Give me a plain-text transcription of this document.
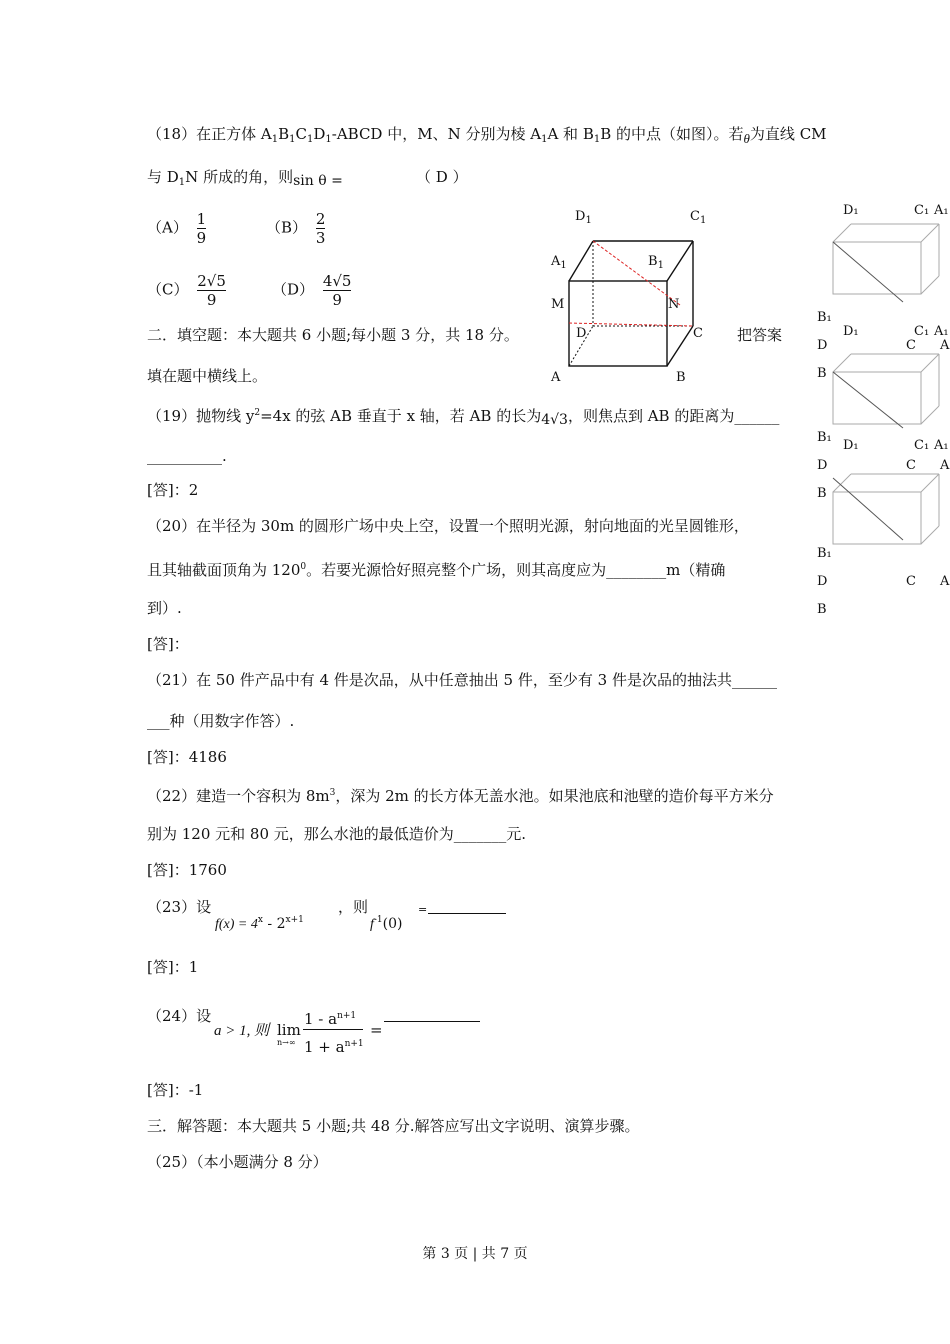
（18）在正方体 $A_1B_1C_1D_1$-ABCD 中，M、N 分别为棱 $A_1A$ 和 $B_1B$ 的中点（如图）。若θ为直线 CM
与 $D_1N$ 所成的角，则sin θ =	（ D ）
$(A) \frac{1}{9}$	$(B) \frac{2}{3}$
$(C) \frac{2√5}{9}$	$(D) \frac{4√5}{9}$
$D_1$	$C_1$
$A_1$	$B_1$
M	N
D	C
A	B
二．填空题：本大题共 6 小题;每小题 3 分，共 18 分。	把答案
填在题中横线上。
（19）抛物线 $y^2=4x$ 的弦 AB 垂直于 x 轴，若 AB 的长为4√3，则焦点到 AB 的距离为______
__________.
[答]：2
（20）在半径为 30m 的圆形广场中央上空，设置一个照明光源，射向地面的光呈圆锥形，
且其轴截面顶角为 $120^0$。若要光源恰好照亮整个广场，则其高度应为________m（精确
到）.
[答]：
（21）在 50 件产品中有 4 件是次品，从中任意抽出 5 件，至少有 3 件是次品的抽法共______
___种（用数字作答）.
[答]：4186
（22）建造一个容积为 $8m^3$，深为 2m 的长方体无盖水池。如果池底和池壁的造价每平方米分
别为 120 元和 80 元，那么水池的最低造价为_______元.
[答]：1760
（23）设
$f(x) = 4^x - 2^{x+1}$
，则
$f^{-1}(0)$
=
[答]：1
（24）设
a > 1, 则 lim
n→∞
$1 - a^{n+1}$
$1 + a^{n+1}$
=
[答]：-1
三．解答题：本大题共 5 小题;共 48 分.解答应写出文字说明、演算步骤。
（25）（本小题满分 8 分）
D₁	C₁ A₁
B₁
D₁	C₁ A₁
D	C A
B
B₁
D₁	C₁ A₁
D	C A
B
B₁
D	C A
B
第 3 页 | 共 7 页
